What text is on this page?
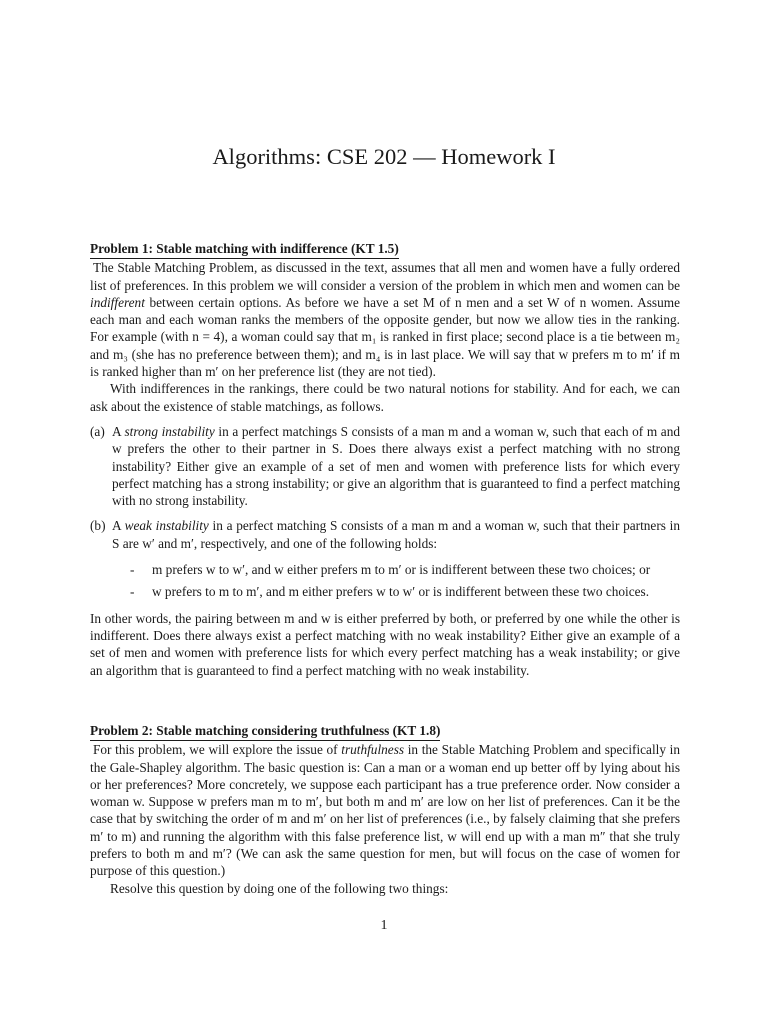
Algorithms: CSE 202 — Homework I
Problem 1: Stable matching with indifference (KT 1.5)

The Stable Matching Problem, as discussed in the text, assumes that all men and women have a fully ordered list of preferences. In this problem we will consider a version of the problem in which men and women can be indifferent between certain options. As before we have a set M of n men and a set W of n women. Assume each man and each woman ranks the members of the opposite gender, but now we allow ties in the ranking. For example (with n = 4), a woman could say that m₁ is ranked in first place; second place is a tie between m₂ and m₃ (she has no preference between them); and m₄ is in last place. We will say that w prefers m to m′ if m is ranked higher than m′ on her preference list (they are not tied).

With indifferences in the rankings, there could be two natural notions for stability. And for each, we can ask about the existence of stable matchings, as follows.

(a) A strong instability in a perfect matchings S consists of a man m and a woman w, such that each of m and w prefers the other to their partner in S. Does there always exist a perfect matching with no strong instability? Either give an example of a set of men and women with preference lists for which every perfect matching has a strong instability; or give an algorithm that is guaranteed to find a perfect matching with no strong instability.
(b) A weak instability in a perfect matching S consists of a man m and a woman w, such that their partners in S are w′ and m′, respectively, and one of the following holds:
- m prefers w to w′, and w either prefers m to m′ or is indifferent between these two choices; or
- w prefers to m to m′, and m either prefers w to w′ or is indifferent between these two choices.

In other words, the pairing between m and w is either preferred by both, or preferred by one while the other is indifferent. Does there always exist a perfect matching with no weak instability? Either give an example of a set of men and women with preference lists for which every perfect matching has a weak instability; or give an algorithm that is guaranteed to find a perfect matching with no weak instability.

Problem 2: Stable matching considering truthfulness (KT 1.8)

For this problem, we will explore the issue of truthfulness in the Stable Matching Problem and specifically in the Gale-Shapley algorithm. The basic question is: Can a man or a woman end up better off by lying about his or her preferences? More concretely, we suppose each participant has a true preference order. Now consider a woman w. Suppose w prefers man m to m′, but both m and m′ are low on her list of preferences. Can it be the case that by switching the order of m and m′ on her list of preferences (i.e., by falsely claiming that she prefers m′ to m) and running the algorithm with this false preference list, w will end up with a man m″ that she truly prefers to both m and m′? (We can ask the same question for men, but will focus on the case of women for purpose of this question.)

Resolve this question by doing one of the following two things:

1
